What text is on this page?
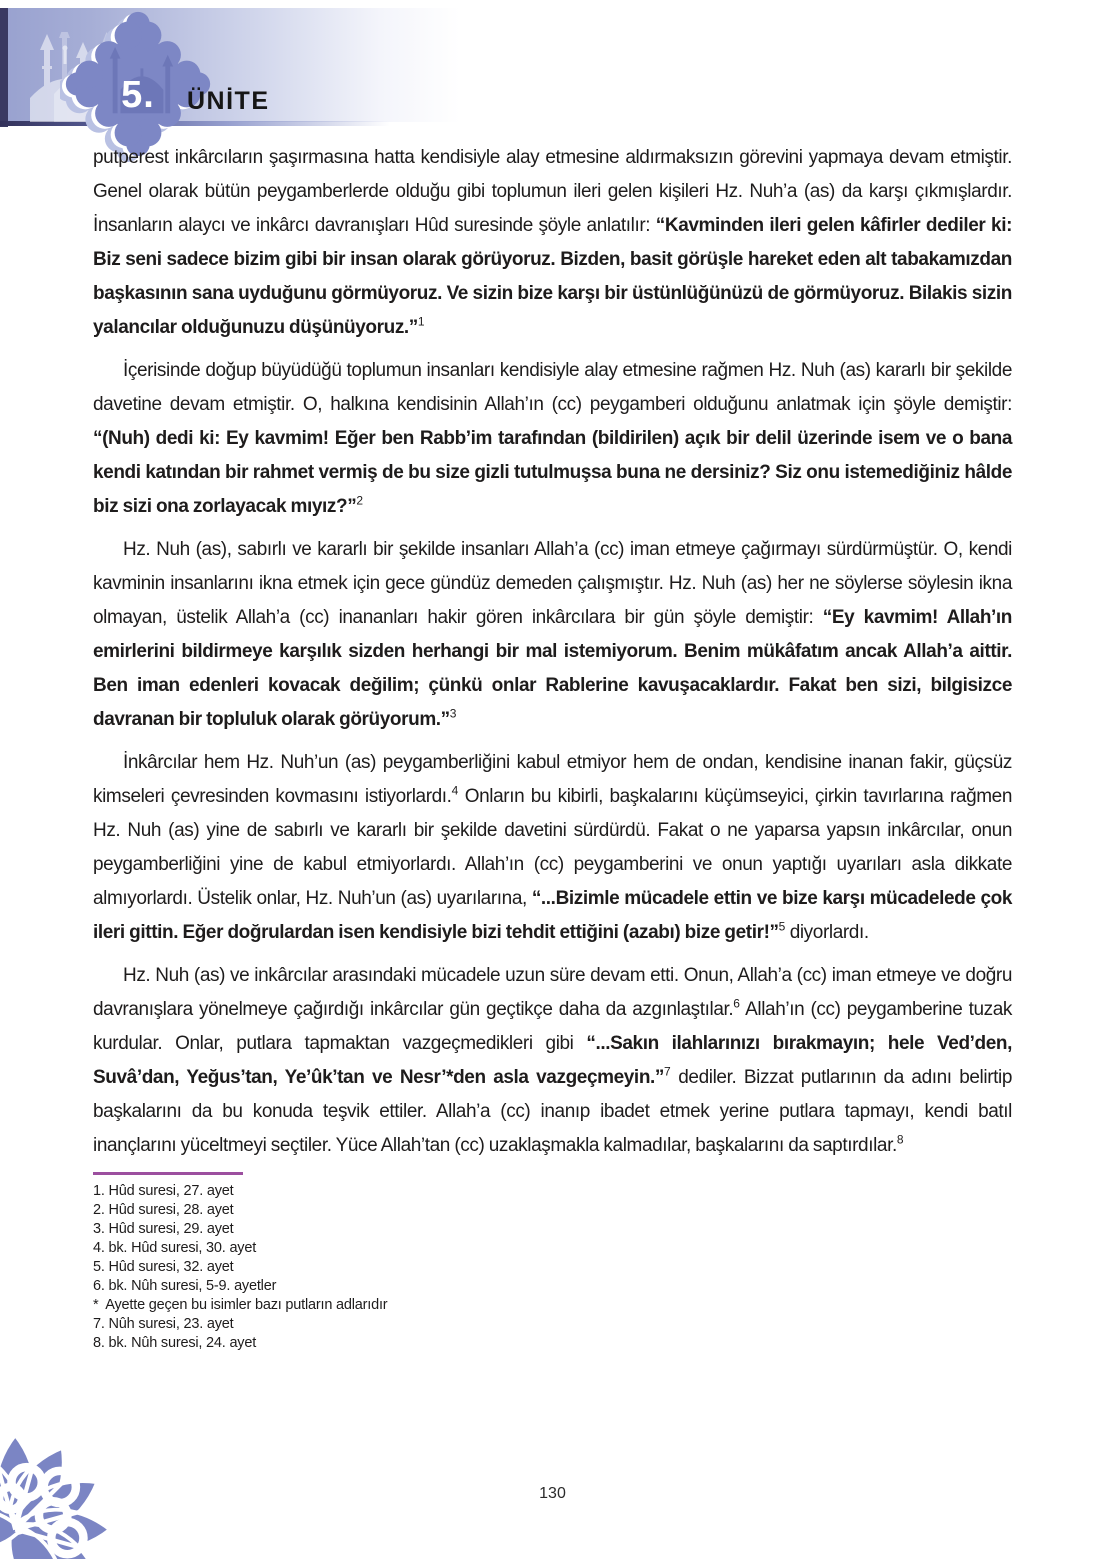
5.	ÜNİTE

putperest inkârcıların şaşırmasına hatta kendisiyle alay etmesine aldırmaksızın görevini yapmaya devam etmiştir. Genel olarak bütün peygamberlerde olduğu gibi toplumun ileri gelen kişileri Hz. Nuh’a (as) da karşı çıkmışlardır. İnsanların alaycı ve inkârcı davranışları Hûd suresinde şöyle anlatılır: “Kavminden ileri gelen kâfirler dediler ki: Biz seni sadece bizim gibi bir insan olarak görüyoruz. Bizden, basit görüşle hareket eden alt tabakamızdan başkasının sana uyduğunu görmüyoruz. Ve sizin bize karşı bir üstünlüğünüzü de görmüyoruz. Bilakis sizin yalancılar olduğunuzu düşünüyoruz.”$^1$

İçerisinde doğup büyüdüğü toplumun insanları kendisiyle alay etmesine rağmen Hz. Nuh (as) kararlı bir şekilde davetine devam etmiştir. O, halkına kendisinin Allah’ın (cc) peygamberi olduğunu anlatmak için şöyle demiştir: “(Nuh) dedi ki: Ey kavmim! Eğer ben Rabb’im tarafından (bildirilen) açık bir delil üzerinde isem ve o bana kendi katından bir rahmet vermiş de bu size gizli tutulmuşsa buna ne dersiniz? Siz onu istemediğiniz hâlde biz sizi ona zorlayacak mıyız?”$^2$

Hz. Nuh (as), sabırlı ve kararlı bir şekilde insanları Allah’a (cc) iman etmeye çağırmayı sürdürmüştür. O, kendi kavminin insanlarını ikna etmek için gece gündüz demeden çalışmıştır. Hz. Nuh (as) her ne söylerse söylesin ikna olmayan, üstelik Allah’a (cc) inananları hakir gören inkârcılara bir gün şöyle demiştir: “Ey kavmim! Allah’ın emirlerini bildirmeye karşılık sizden herhangi bir mal istemiyorum. Benim mükâfatım ancak Allah’a aittir. Ben iman edenleri kovacak değilim; çünkü onlar Rablerine kavuşacaklardır. Fakat ben sizi, bilgisizce davranan bir topluluk olarak görüyorum.”$^3$

İnkârcılar hem Hz. Nuh’un (as) peygamberliğini kabul etmiyor hem de ondan, kendisine inanan fakir, güçsüz kimseleri çevresinden kovmasını istiyorlardı.$^4$ Onların bu kibirli, başkalarını küçümseyici, çirkin tavırlarına rağmen Hz. Nuh (as) yine de sabırlı ve kararlı bir şekilde davetini sürdürdü. Fakat o ne yaparsa yapsın inkârcılar, onun peygamberliğini yine de kabul etmiyorlardı. Allah’ın (cc) peygamberini ve onun yaptığı uyarıları asla dikkate almıyorlardı. Üstelik onlar, Hz. Nuh’un (as) uyarılarına, “...Bizimle mücadele ettin ve bize karşı mücadelede çok ileri gittin. Eğer doğrulardan isen kendisiyle bizi tehdit ettiğini (azabı) bize getir!”$^5$ diyorlardı.

Hz. Nuh (as) ve inkârcılar arasındaki mücadele uzun süre devam etti. Onun, Allah’a (cc) iman etmeye ve doğru davranışlara yönelmeye çağırdığı inkârcılar gün geçtikçe daha da azgınlaştılar.$^6$ Allah’ın (cc) peygamberine tuzak kurdular. Onlar, putlara tapmaktan vazgeçmedikleri gibi “...Sakın ilahlarınızı bırakmayın; hele Ved’den, Suvâ’dan, Yeğus’tan, Ye’ûk’tan ve Nesr’*den asla vazgeçmeyin.”$^7$ dediler. Bizzat putlarının da adını belirtip başkalarını da bu konuda teşvik ettiler. Allah’a (cc) inanıp ibadet etmek yerine putlara tapmayı, kendi batıl inançlarını yüceltmeyi seçtiler. Yüce Allah’tan (cc) uzaklaşmakla kalmadılar, başkalarını da saptırdılar.$^8$

1. Hûd suresi, 27. ayet
2. Hûd suresi, 28. ayet
3. Hûd suresi, 29. ayet
4. bk. Hûd suresi, 30. ayet
5. Hûd suresi, 32. ayet
6. bk. Nûh suresi, 5-9. ayetler
*  Ayette geçen bu isimler bazı putların adlarıdır
7. Nûh suresi, 23. ayet
8. bk. Nûh suresi, 24. ayet
130
